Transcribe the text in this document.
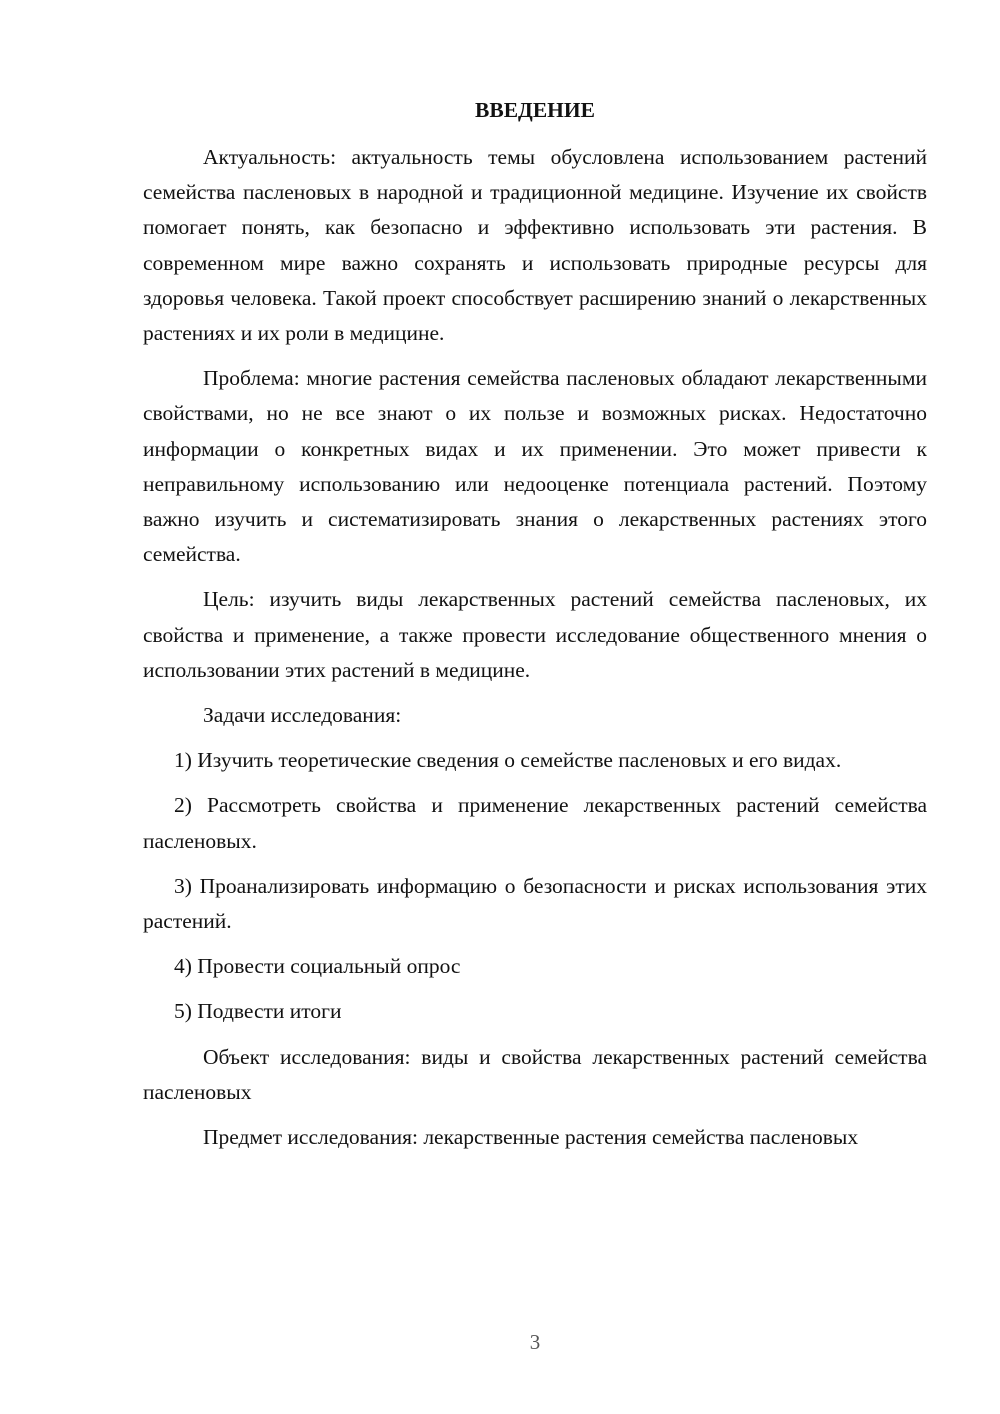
ВВЕДЕНИЕ

Актуальность: актуальность темы обусловлена использованием растений семейства пасленовых в народной и традиционной медицине. Изучение их свойств помогает понять, как безопасно и эффективно использовать эти растения. В современном мире важно сохранять и использовать природные ресурсы для здоровья человека. Такой проект способствует расширению знаний о лекарственных растениях и их роли в медицине.

Проблема: многие растения семейства пасленовых обладают лекарственными свойствами, но не все знают о их пользе и возможных рисках. Недостаточно информации о конкретных видах и их применении. Это может привести к неправильному использованию или недооценке потенциала растений. Поэтому важно изучить и систематизировать знания о лекарственных растениях этого семейства.

Цель: изучить виды лекарственных растений семейства пасленовых, их свойства и применение, а также провести исследование общественного мнения о использовании этих растений в медицине.

Задачи исследования:

1) Изучить теоретические сведения о семействе пасленовых и его видах.

2) Рассмотреть свойства и применение лекарственных растений семейства пасленовых.

3) Проанализировать информацию о безопасности и рисках использования этих растений.

4) Провести социальный опрос

5) Подвести итоги

Объект исследования: виды и свойства лекарственных растений семейства пасленовых

Предмет исследования: лекарственные растения семейства пасленовых

3
